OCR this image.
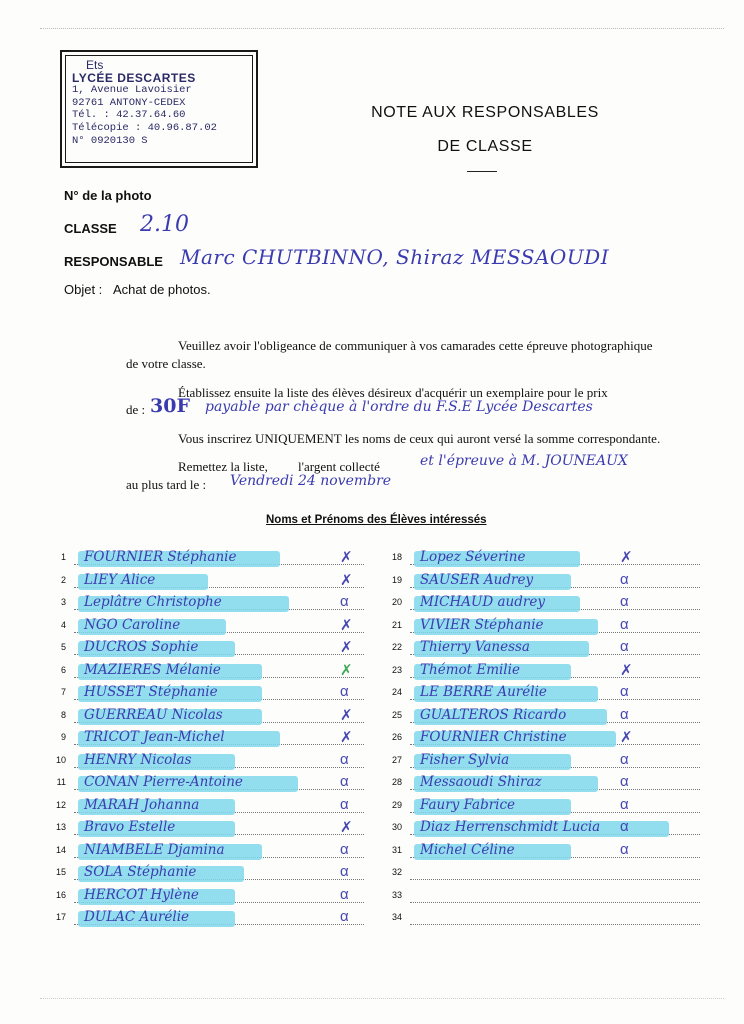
Ets
LYCÉE DESCARTES
1, Avenue Lavoisier
92761 ANTONY-CEDEX
Tél. : 42.37.64.60
Télécopie : 40.96.87.02
N° 0920130 S
NOTE AUX RESPONSABLES
DE CLASSE
N° de la photo
CLASSE 2.10
RESPONSABLE Marc CHUTBINNO, Shiraz MESSAOUDI
Objet : Achat de photos.
Veuillez avoir l'obligeance de communiquer à vos camarades cette épreuve photographique
de votre classe.
Établissez ensuite la liste des élèves désireux d'acquérir un exemplaire pour le prix
de : 30F payable par chèque à l'ordre du F.S.E Lycée Descartes
Vous inscrirez UNIQUEMENT les noms de ceux qui auront versé la somme correspondante.
Remettez la liste, l'argent collecté	et l'épreuve à M. JOUNEAUX
au plus tard le : Vendredi 24 novembre
Noms et Prénoms des Élèves intéressés
1 FOURNIER Stéphanie	✗
2 LIEY Alice	✗
3 Leplâtre Christophe	α
4 NGO Caroline	✗
5 DUCROS Sophie	✗
6 MAZIERES Mélanie	✗
7 HUSSET Stéphanie	α
8 GUERREAU Nicolas	✗
9 TRICOT Jean-Michel	✗
10 HENRY Nicolas	α
11 CONAN Pierre-Antoine	α
12 MARAH Johanna	α
13 Bravo Estelle	✗
14 NIAMBELE Djamina	α
15 SOLA Stéphanie	α
16 HERCOT Hylène	α
17 DULAC Aurélie	α
18 Lopez Séverine	✗
19 SAUSER Audrey	α
20 MICHAUD audrey	α
21 VIVIER Stéphanie	α
22 Thierry Vanessa	α
23 Thémot Emilie	✗
24 LE BERRE Aurélie	α
25 GUALTEROS Ricardo	α
26 FOURNIER Christine	✗
27 Fisher Sylvia	α
28 Messaoudi Shiraz	α
29 Faury Fabrice	α
30 Diaz Herrenschmidt Lucia α
31 Michel Céline	α
32
33
34
